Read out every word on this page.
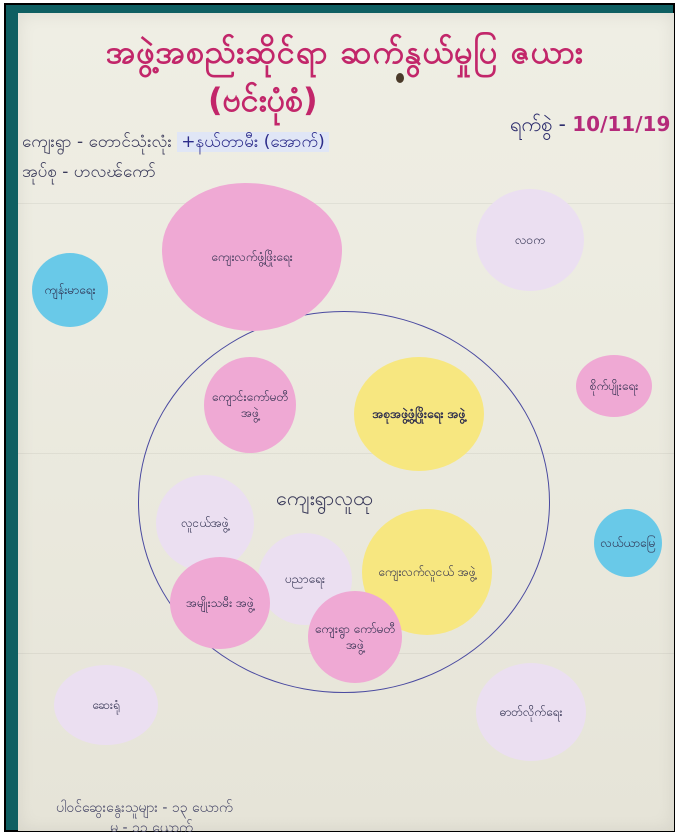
အဖွဲ့အစည်းဆိုင်ရာ ဆက်နွယ်မှုပြ ဇယား
(ဗင်းပုံစံ)
ရက်စွဲ - 10/11/19
ကျေးရွာ - တောင်သုံးလုံး +နယ်တာမီး (အောက်)
အုပ်စု - ဟလၽ်ကော်
ကျေးရွာလူထု
ကျေးလက်ဖွံ့ဖြိုးရေး
လဝက
ကျန်းမာရေး
ကျောင်းကော်မတီ အဖွဲ့	အစုအဖွဲ့ဖွံ့ဖြိုးရေး အဖွဲ့
စိုက်ပျိုးရေး
လူငယ်အဖွဲ့
ကျေးလက်လူငယ် အဖွဲ့
လယ်ယာမြေ
ပညာရေး
အမျိုးသမီး အဖွဲ့
ကျေးရွာ ကော်မတီ အဖွဲ့
ဆေးရုံ	ဓာတ်လိုက်ရေး
ပါဝင်ဆွေးနွေးသူများ - ၁၃ ယောက်
မ - ၁၁ ယောက်
